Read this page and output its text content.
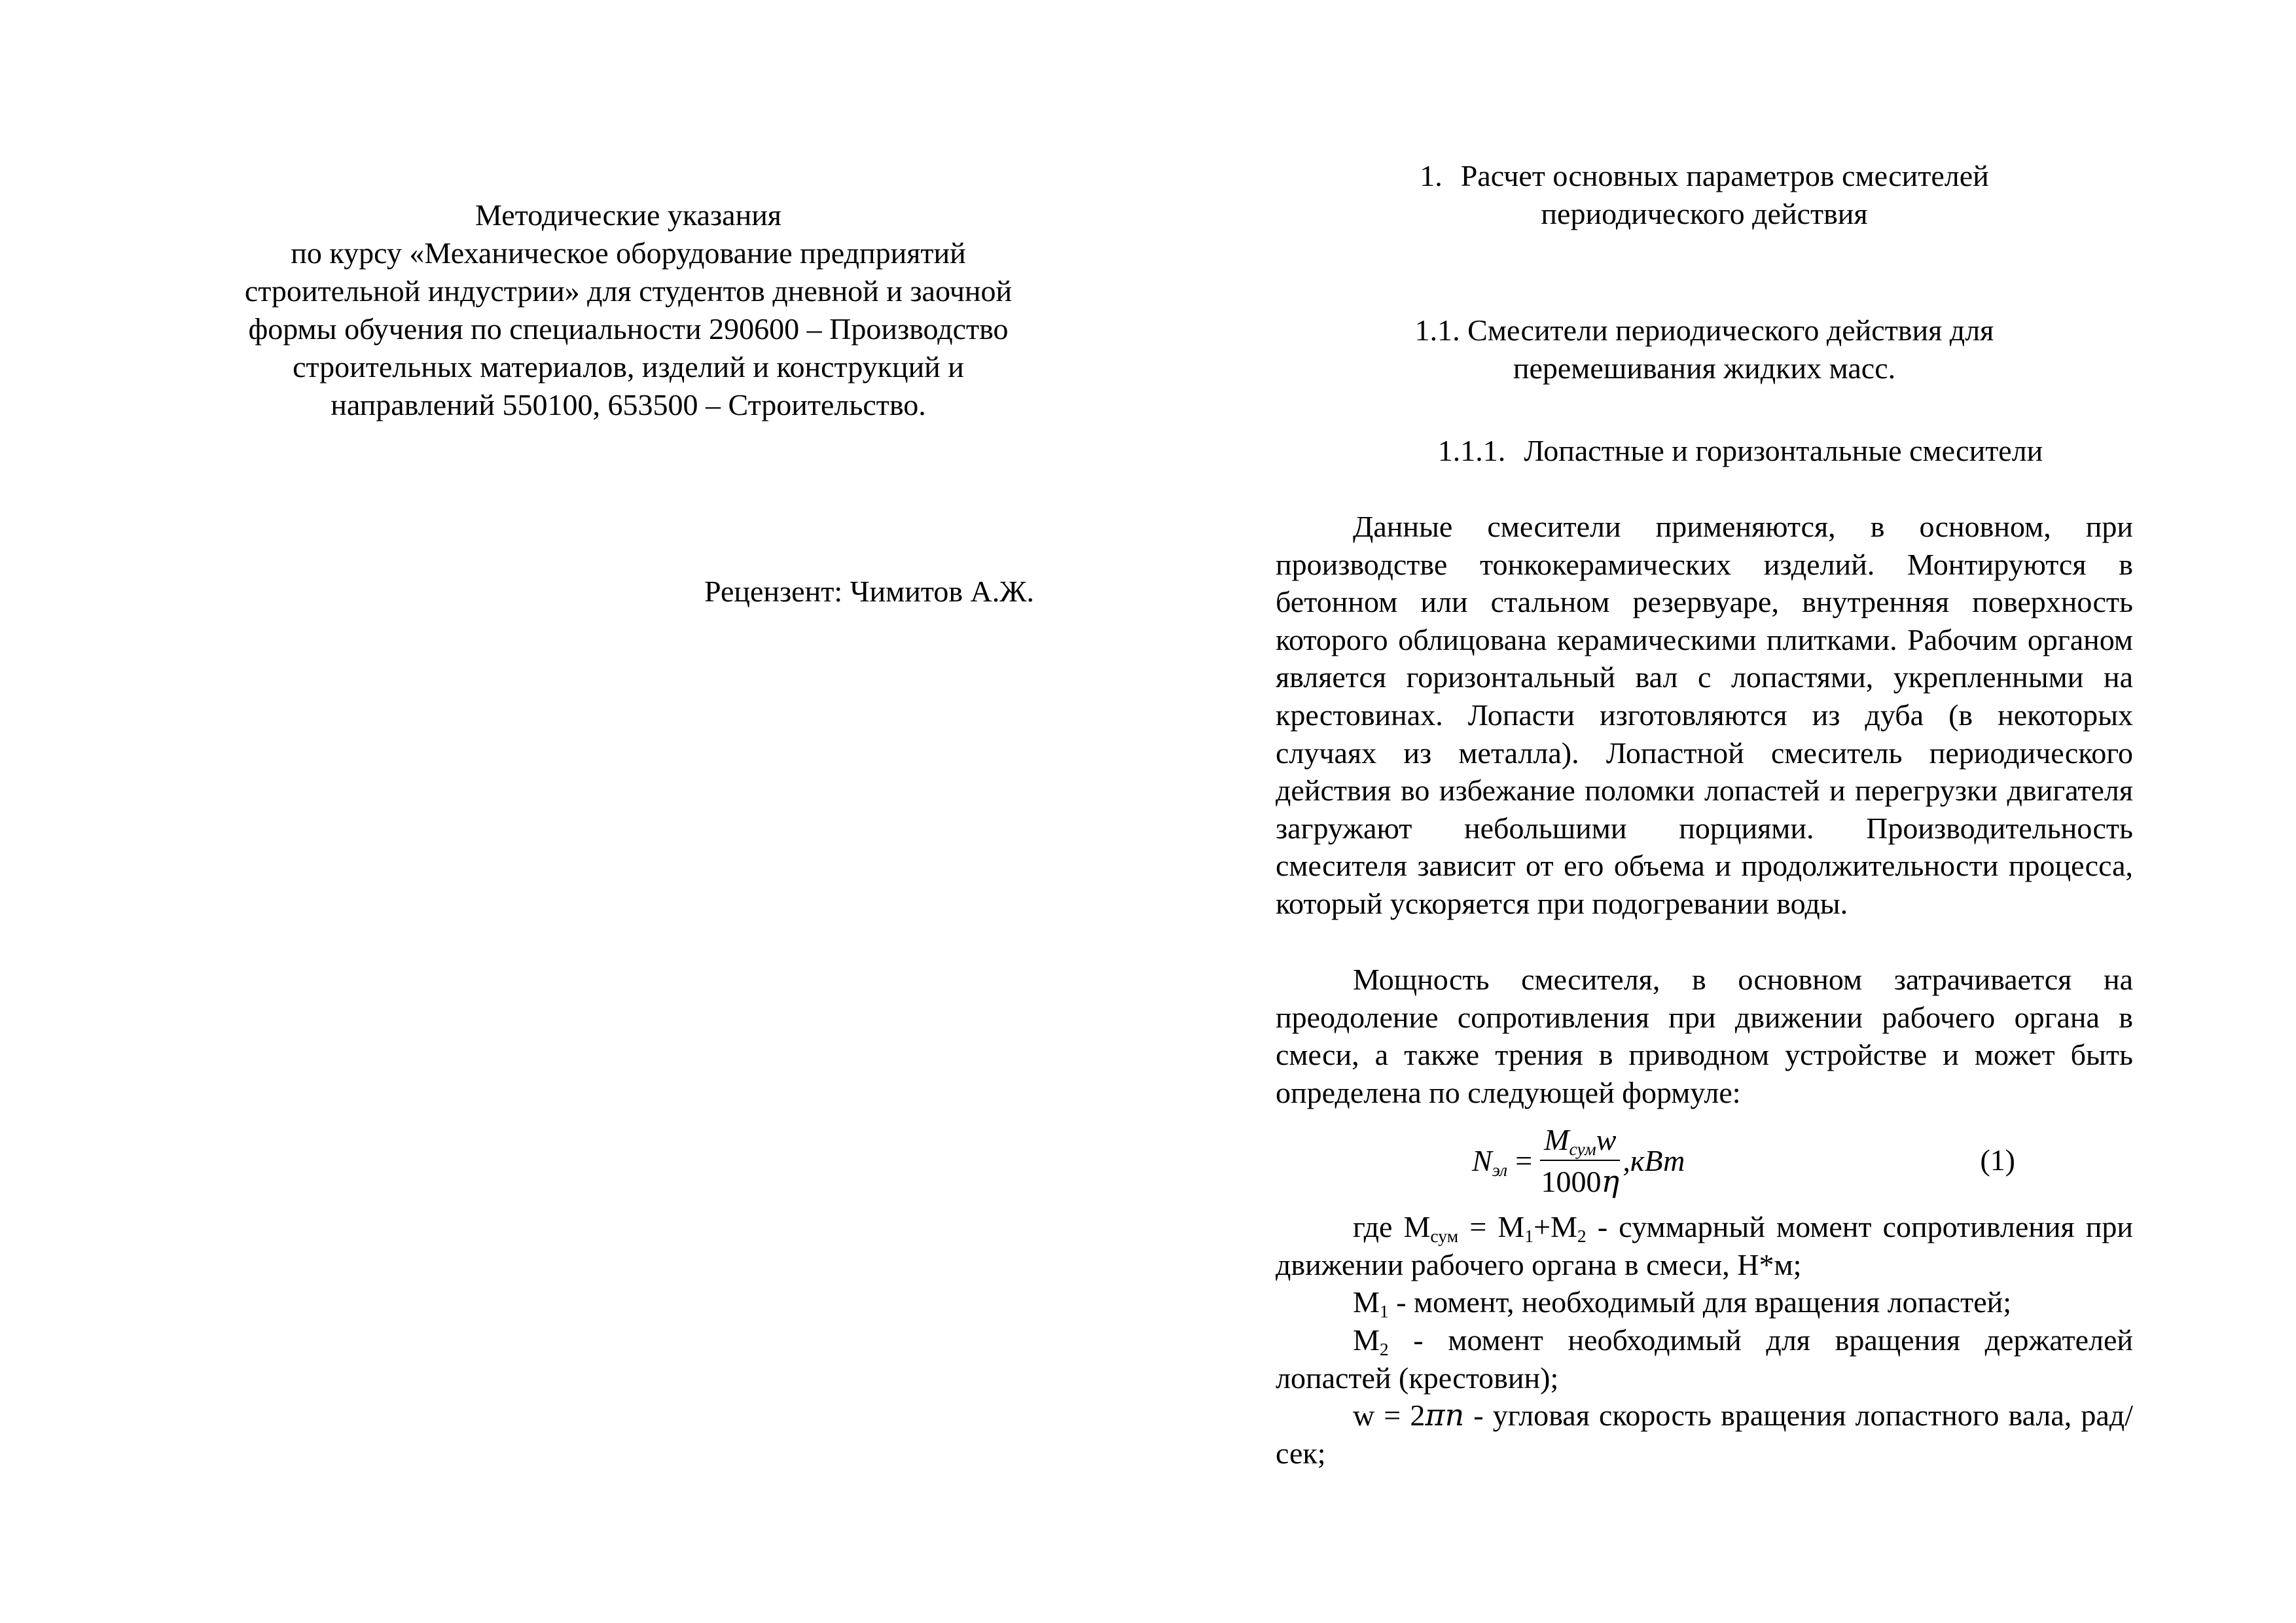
Методические указания
по курсу «Механическое оборудование предприятий
строительной индустрии» для студентов дневной и заочной
формы обучения по специальности 290600 – Производство
строительных материалов, изделий и конструкций и
направлений 550100, 653500 – Строительство.
Рецензент: Чимитов А.Ж.
1. Расчет основных параметров смесителей
периодического действия
1.1. Смесители периодического действия для
перемешивания жидких масс.
1.1.1. Лопастные и горизонтальные смесители
Данные смесители применяются, в основном, при производстве тонкокерамических изделий. Монтируются в бетонном или стальном резервуаре, внутренняя поверхность которого облицована керамическими плитками. Рабочим органом является горизонтальный вал с лопастями, укрепленными на крестовинах. Лопасти изготовляются из дуба (в некоторых случаях из металла). Лопастной смеситель периодического действия во избежание поломки лопастей и перегрузки двигателя загружают небольшими порциями. Производительность смесителя зависит от его объема и продолжительности процесса, который ускоряется при подогревании воды.
Мощность смесителя, в основном затрачивается на преодоление сопротивления при движении рабочего органа в смеси, а также трения в приводном устройстве и может быть определена по следующей формуле:
$N_{эл} = \frac{M_{сум}w}{1000\eta} ,кВт$	(1)
где $M_{сум} = M_1+M_2$ - суммарный момент сопротивления при движении рабочего органа в смеси, Н*м;
$M_1$ - момент, необходимый для вращения лопастей;
$M_2$ - момент необходимый для вращения держателей лопастей (крестовин);
w = 2πn - угловая скорость вращения лопастного вала, рад/сек;
